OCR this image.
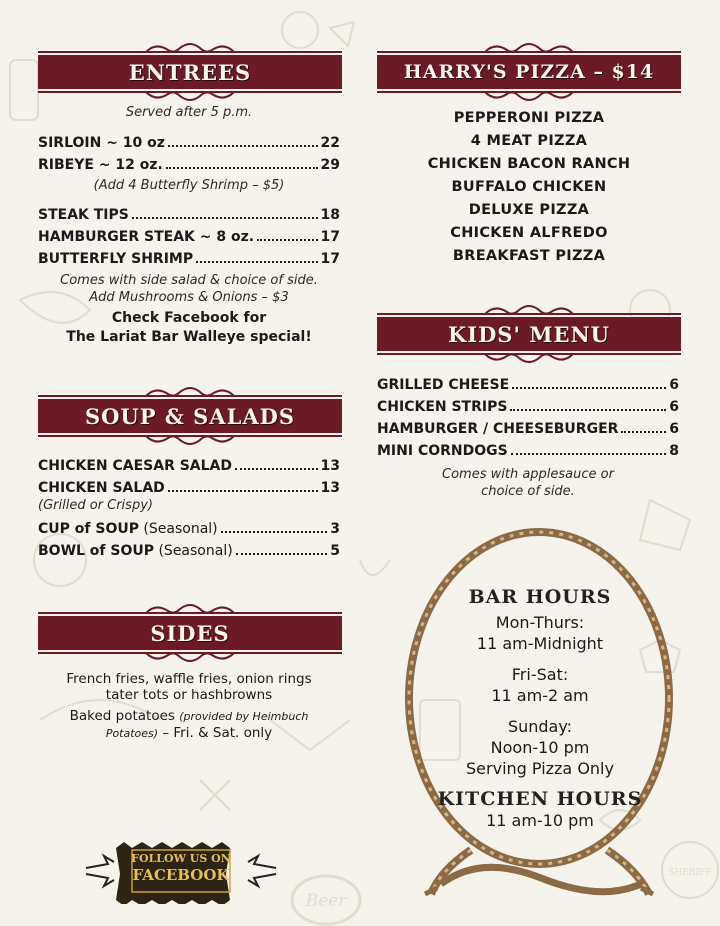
SHERIFF
Beer
ENTREES
Served after 5 p.m.
SIRLOIN ~ 10 oz	22
RIBEYE ~ 12 oz.	29
(Add 4 Butterfly Shrimp – $5)
STEAK TIPS	18
HAMBURGER STEAK ~ 8 oz.	17
BUTTERFLY SHRIMP	17
Comes with side salad & choice of side.
Add Mushrooms & Onions – $3
Check Facebook for
The Lariat Bar Walleye special!
SOUP & SALADS
CHICKEN CAESAR SALAD	13
CHICKEN SALAD	13
(Grilled or Crispy)
CUP of SOUP (Seasonal)	3
BOWL of SOUP (Seasonal)	5
SIDES
French fries, waffle fries, onion rings
tater tots or hashbrowns
Baked potatoes (provided by Heimbuch
Potatoes) – Fri. & Sat. only
HARRY'S PIZZA – $14
PEPPERONI PIZZA
4 MEAT PIZZA
CHICKEN BACON RANCH
BUFFALO CHICKEN
DELUXE PIZZA
CHICKEN ALFREDO
BREAKFAST PIZZA
KIDS' MENU
GRILLED CHEESE	6
CHICKEN STRIPS	6
HAMBURGER / CHEESEBURGER	6
MINI CORNDOGS	8
Comes with applesauce or
choice of side.
BAR HOURS
Mon-Thurs:
11 am-Midnight
Fri-Sat:
11 am-2 am
Sunday:
Noon-10 pm
Serving Pizza Only
KITCHEN HOURS
11 am-10 pm
FOLLOW US ON
FACEBOOK
